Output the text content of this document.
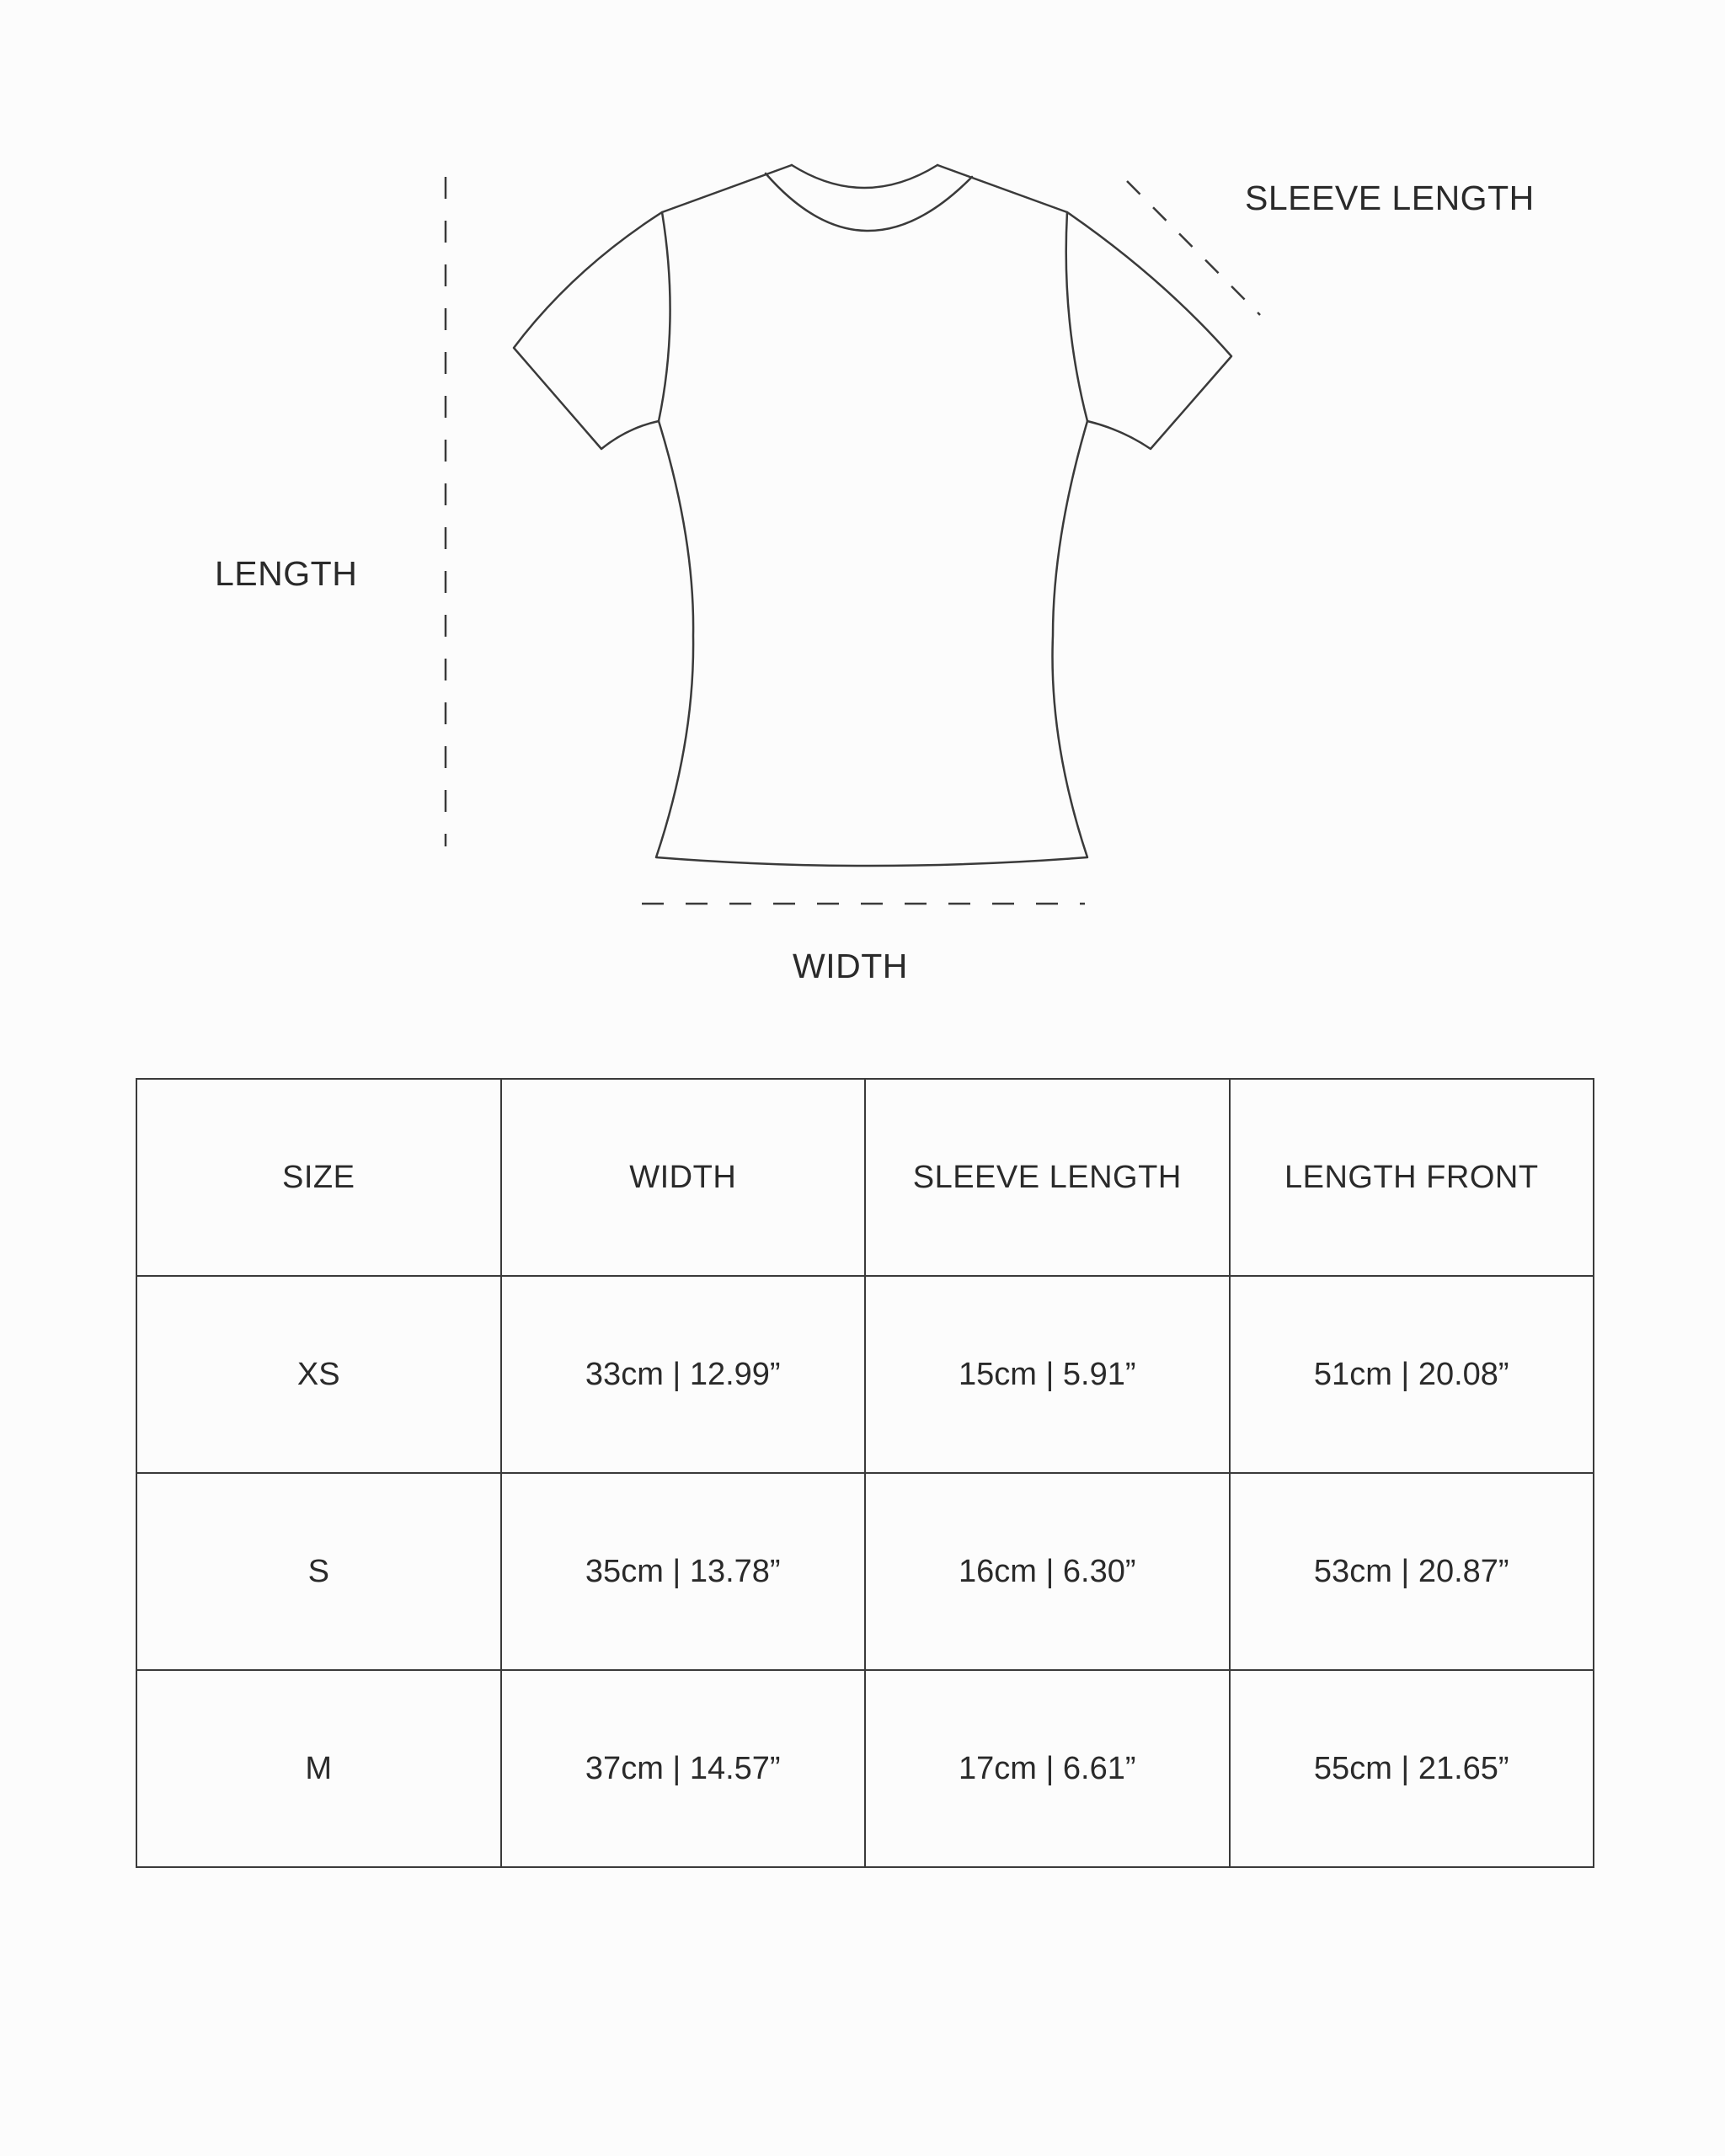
SLEEVE LENGTH
LENGTH
WIDTH
SIZE	WIDTH	SLEEVE LENGTH	LENGTH FRONT
XS	33cm | 12.99”	15cm | 5.91”	51cm | 20.08”
S	35cm | 13.78”	16cm | 6.30”	53cm | 20.87”
M	37cm | 14.57”	17cm | 6.61”	55cm | 21.65”
